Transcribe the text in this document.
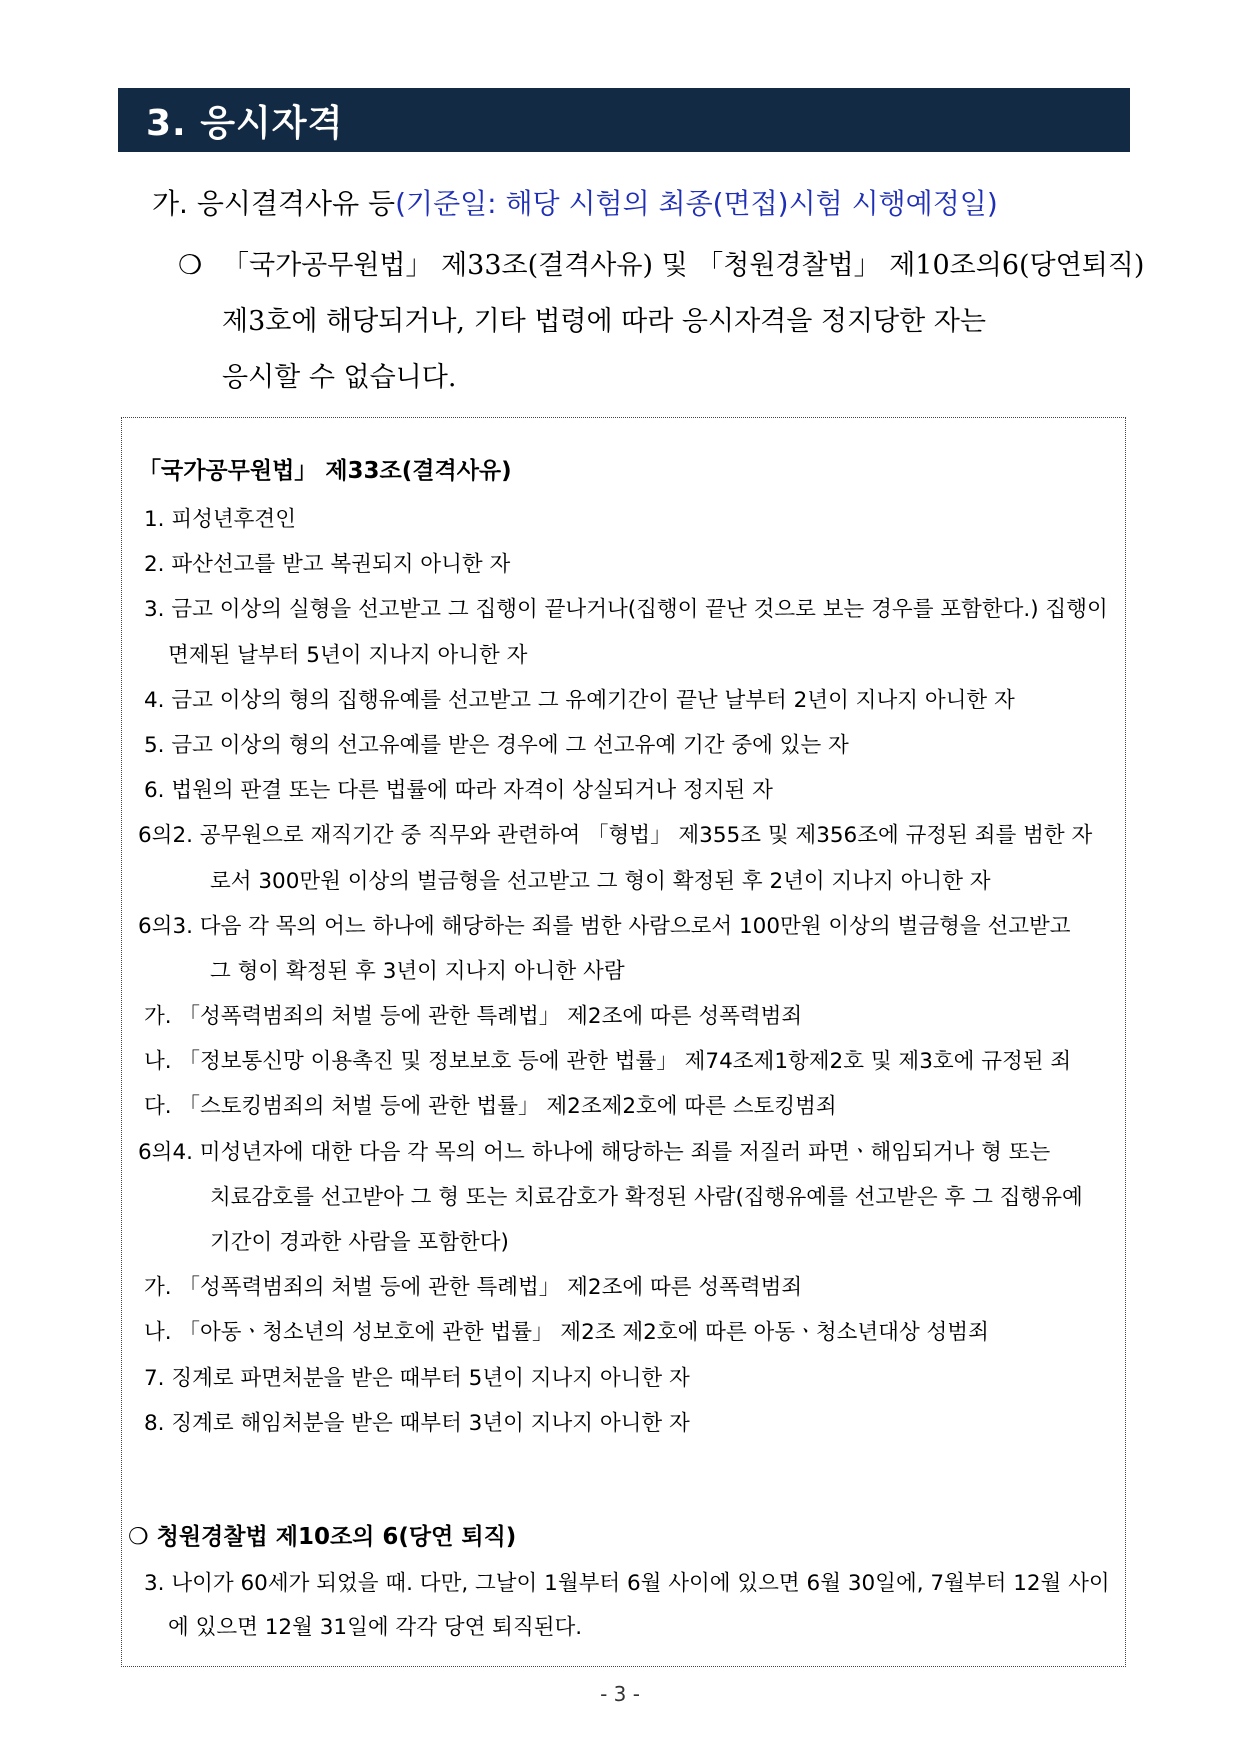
3. 응시자격
가. 응시결격사유 등(기준일: 해당 시험의 최종(면접)시험 시행예정일)
❍ 「국가공무원법」 제33조(결격사유) 및 「청원경찰법」 제10조의6(당연퇴직)
제3호에 해당되거나, 기타 법령에 따라 응시자격을 정지당한 자는
응시할 수 없습니다.
「국가공무원법」 제33조(결격사유)
1. 피성년후견인
2. 파산선고를 받고 복권되지 아니한 자
3. 금고 이상의 실형을 선고받고 그 집행이 끝나거나(집행이 끝난 것으로 보는 경우를 포함한다.) 집행이
면제된 날부터 5년이 지나지 아니한 자
4. 금고 이상의 형의 집행유예를 선고받고 그 유예기간이 끝난 날부터 2년이 지나지 아니한 자
5. 금고 이상의 형의 선고유예를 받은 경우에 그 선고유예 기간 중에 있는 자
6. 법원의 판결 또는 다른 법률에 따라 자격이 상실되거나 정지된 자
6의2. 공무원으로 재직기간 중 직무와 관련하여 「형법」 제355조 및 제356조에 규정된 죄를 범한 자
로서 300만원 이상의 벌금형을 선고받고 그 형이 확정된 후 2년이 지나지 아니한 자
6의3. 다음 각 목의 어느 하나에 해당하는 죄를 범한 사람으로서 100만원 이상의 벌금형을 선고받고
그 형이 확정된 후 3년이 지나지 아니한 사람
가. 「성폭력범죄의 처벌 등에 관한 특례법」 제2조에 따른 성폭력범죄
나. 「정보통신망 이용촉진 및 정보보호 등에 관한 법률」 제74조제1항제2호 및 제3호에 규정된 죄
다. 「스토킹범죄의 처벌 등에 관한 법률」 제2조제2호에 따른 스토킹범죄
6의4. 미성년자에 대한 다음 각 목의 어느 하나에 해당하는 죄를 저질러 파면ㆍ해임되거나 형 또는
치료감호를 선고받아 그 형 또는 치료감호가 확정된 사람(집행유예를 선고받은 후 그 집행유예
기간이 경과한 사람을 포함한다)
가. 「성폭력범죄의 처벌 등에 관한 특례법」 제2조에 따른 성폭력범죄
나. 「아동ㆍ청소년의 성보호에 관한 법률」 제2조 제2호에 따른 아동ㆍ청소년대상 성범죄
7. 징계로 파면처분을 받은 때부터 5년이 지나지 아니한 자
8. 징계로 해임처분을 받은 때부터 3년이 지나지 아니한 자
❍ 청원경찰법 제10조의 6(당연 퇴직)
3. 나이가 60세가 되었을 때. 다만, 그날이 1월부터 6월 사이에 있으면 6월 30일에, 7월부터 12월 사이
에 있으면 12월 31일에 각각 당연 퇴직된다.
- 3 -
